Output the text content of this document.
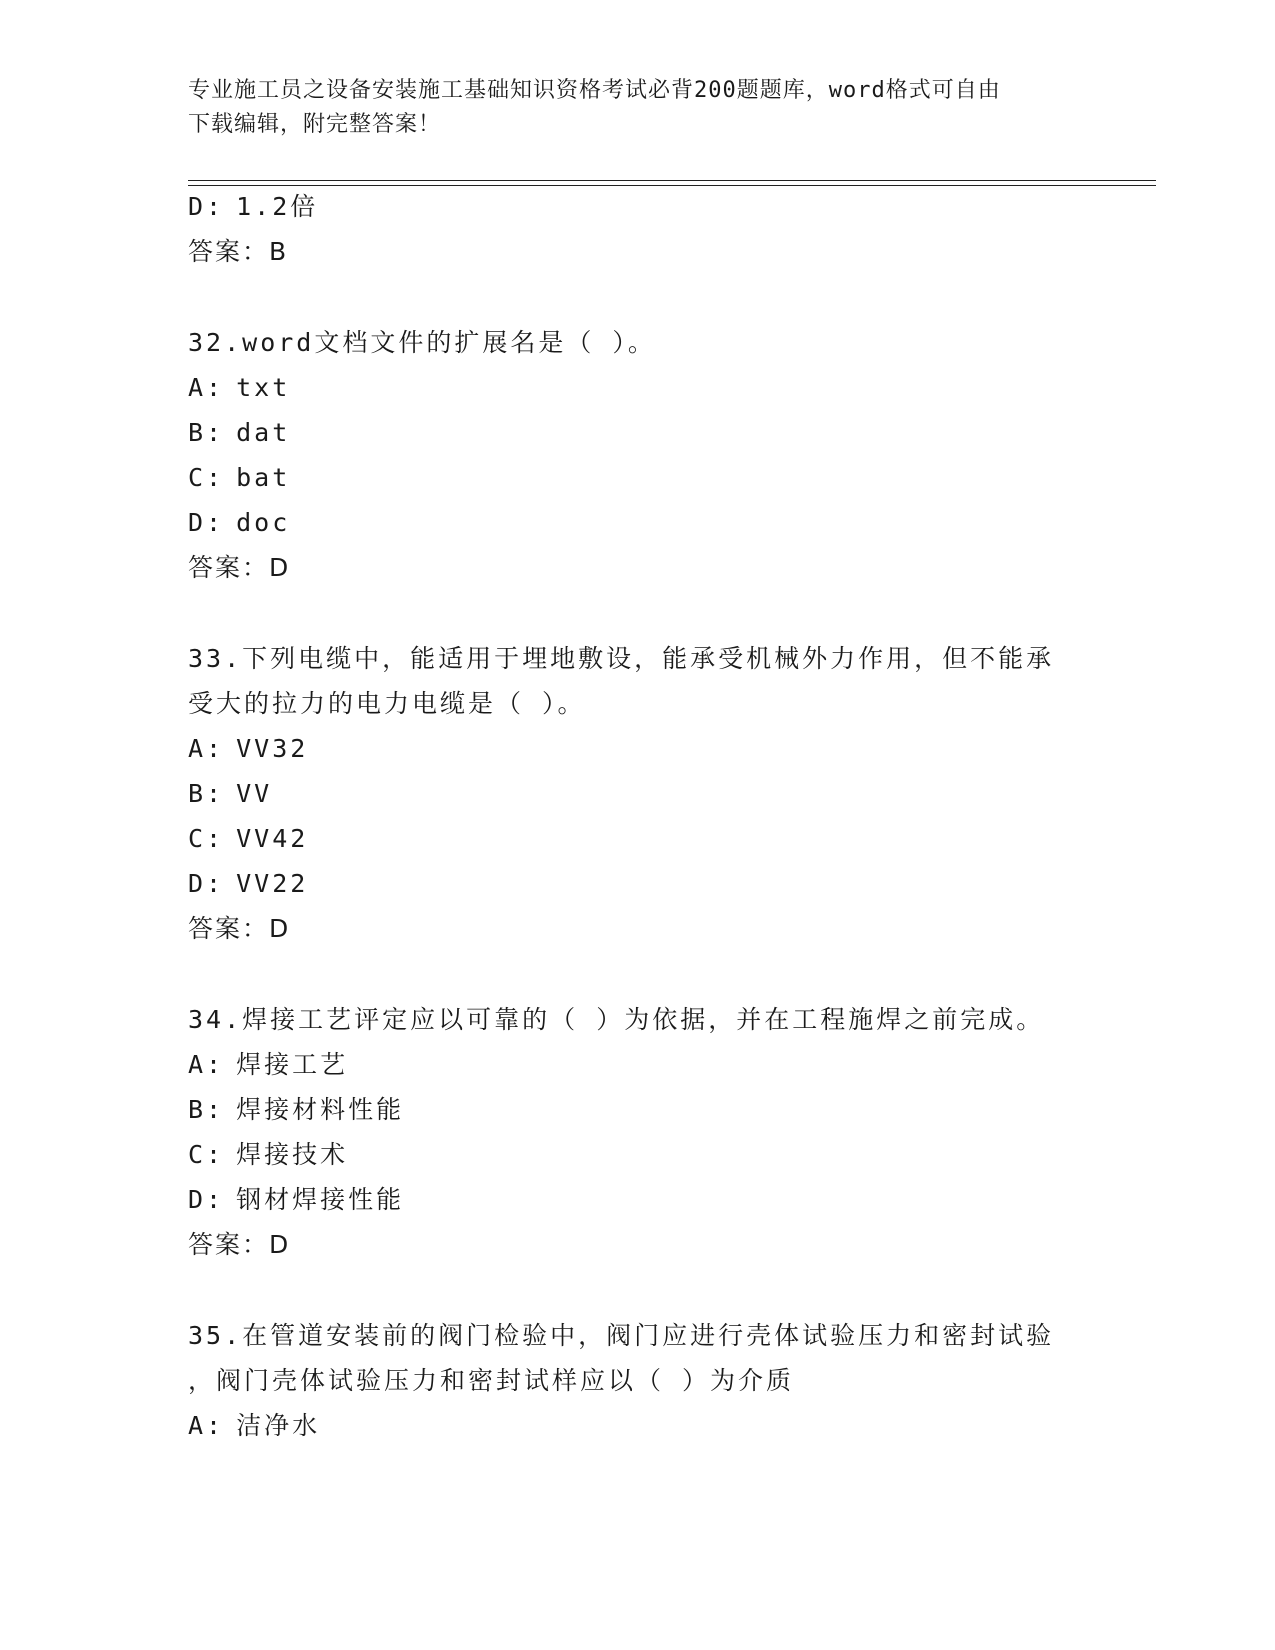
专业施工员之设备安装施工基础知识资格考试必背200题题库，word格式可自由
下载编辑，附完整答案！
D: 1.2倍
答案：B
32.word文档文件的扩展名是（ ）。
A: txt
B: dat
C: bat
D: doc
答案：D
33.下列电缆中，能适用于埋地敷设，能承受机械外力作用，但不能承
受大的拉力的电力电缆是（ ）。
A: VV32
B: VV
C: VV42
D: VV22
答案：D
34.焊接工艺评定应以可靠的（ ）为依据，并在工程施焊之前完成。
A: 焊接工艺
B: 焊接材料性能
C: 焊接技术
D: 钢材焊接性能
答案：D
35.在管道安装前的阀门检验中，阀门应进行壳体试验压力和密封试验
，阀门壳体试验压力和密封试样应以（ ）为介质
A: 洁净水
